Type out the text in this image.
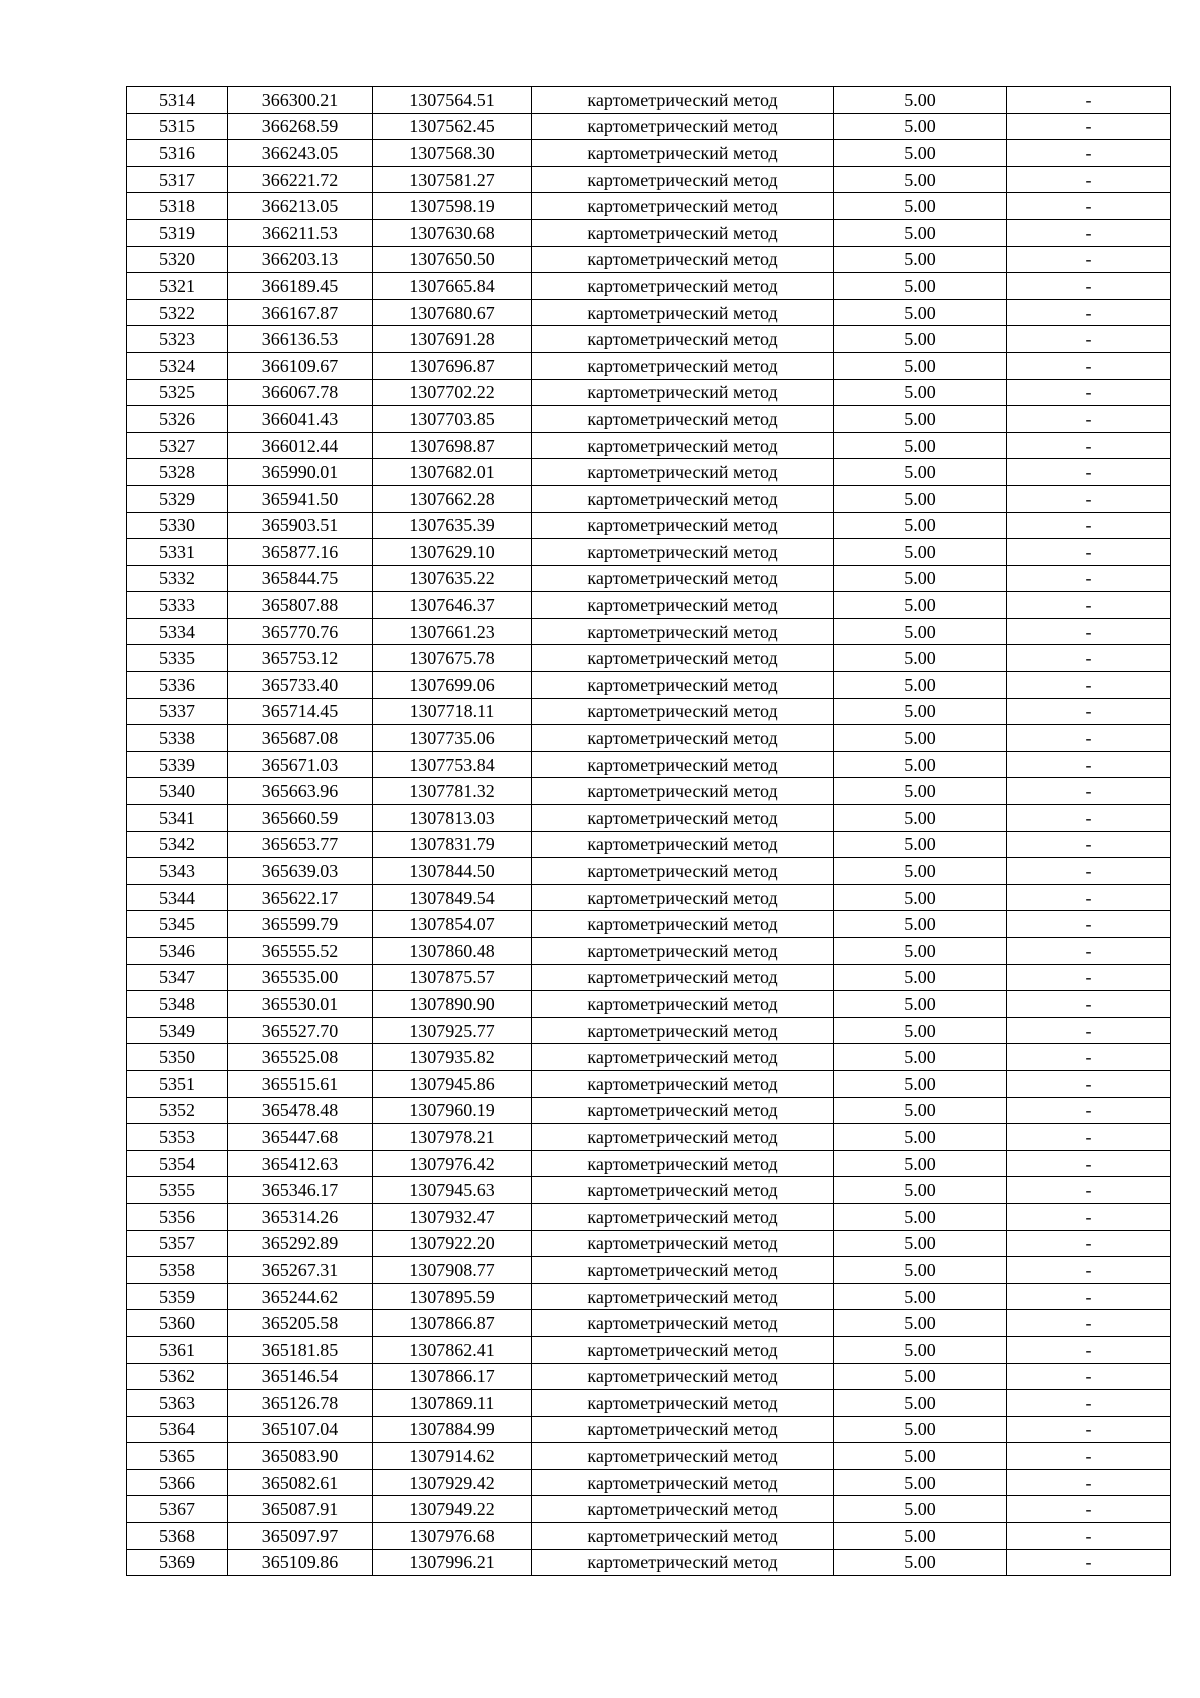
5314	366300.21	1307564.51	картометрический метод	5.00	-
5315	366268.59	1307562.45	картометрический метод	5.00	-
5316	366243.05	1307568.30	картометрический метод	5.00	-
5317	366221.72	1307581.27	картометрический метод	5.00	-
5318	366213.05	1307598.19	картометрический метод	5.00	-
5319	366211.53	1307630.68	картометрический метод	5.00	-
5320	366203.13	1307650.50	картометрический метод	5.00	-
5321	366189.45	1307665.84	картометрический метод	5.00	-
5322	366167.87	1307680.67	картометрический метод	5.00	-
5323	366136.53	1307691.28	картометрический метод	5.00	-
5324	366109.67	1307696.87	картометрический метод	5.00	-
5325	366067.78	1307702.22	картометрический метод	5.00	-
5326	366041.43	1307703.85	картометрический метод	5.00	-
5327	366012.44	1307698.87	картометрический метод	5.00	-
5328	365990.01	1307682.01	картометрический метод	5.00	-
5329	365941.50	1307662.28	картометрический метод	5.00	-
5330	365903.51	1307635.39	картометрический метод	5.00	-
5331	365877.16	1307629.10	картометрический метод	5.00	-
5332	365844.75	1307635.22	картометрический метод	5.00	-
5333	365807.88	1307646.37	картометрический метод	5.00	-
5334	365770.76	1307661.23	картометрический метод	5.00	-
5335	365753.12	1307675.78	картометрический метод	5.00	-
5336	365733.40	1307699.06	картометрический метод	5.00	-
5337	365714.45	1307718.11	картометрический метод	5.00	-
5338	365687.08	1307735.06	картометрический метод	5.00	-
5339	365671.03	1307753.84	картометрический метод	5.00	-
5340	365663.96	1307781.32	картометрический метод	5.00	-
5341	365660.59	1307813.03	картометрический метод	5.00	-
5342	365653.77	1307831.79	картометрический метод	5.00	-
5343	365639.03	1307844.50	картометрический метод	5.00	-
5344	365622.17	1307849.54	картометрический метод	5.00	-
5345	365599.79	1307854.07	картометрический метод	5.00	-
5346	365555.52	1307860.48	картометрический метод	5.00	-
5347	365535.00	1307875.57	картометрический метод	5.00	-
5348	365530.01	1307890.90	картометрический метод	5.00	-
5349	365527.70	1307925.77	картометрический метод	5.00	-
5350	365525.08	1307935.82	картометрический метод	5.00	-
5351	365515.61	1307945.86	картометрический метод	5.00	-
5352	365478.48	1307960.19	картометрический метод	5.00	-
5353	365447.68	1307978.21	картометрический метод	5.00	-
5354	365412.63	1307976.42	картометрический метод	5.00	-
5355	365346.17	1307945.63	картометрический метод	5.00	-
5356	365314.26	1307932.47	картометрический метод	5.00	-
5357	365292.89	1307922.20	картометрический метод	5.00	-
5358	365267.31	1307908.77	картометрический метод	5.00	-
5359	365244.62	1307895.59	картометрический метод	5.00	-
5360	365205.58	1307866.87	картометрический метод	5.00	-
5361	365181.85	1307862.41	картометрический метод	5.00	-
5362	365146.54	1307866.17	картометрический метод	5.00	-
5363	365126.78	1307869.11	картометрический метод	5.00	-
5364	365107.04	1307884.99	картометрический метод	5.00	-
5365	365083.90	1307914.62	картометрический метод	5.00	-
5366	365082.61	1307929.42	картометрический метод	5.00	-
5367	365087.91	1307949.22	картометрический метод	5.00	-
5368	365097.97	1307976.68	картометрический метод	5.00	-
5369	365109.86	1307996.21	картометрический метод	5.00	-
